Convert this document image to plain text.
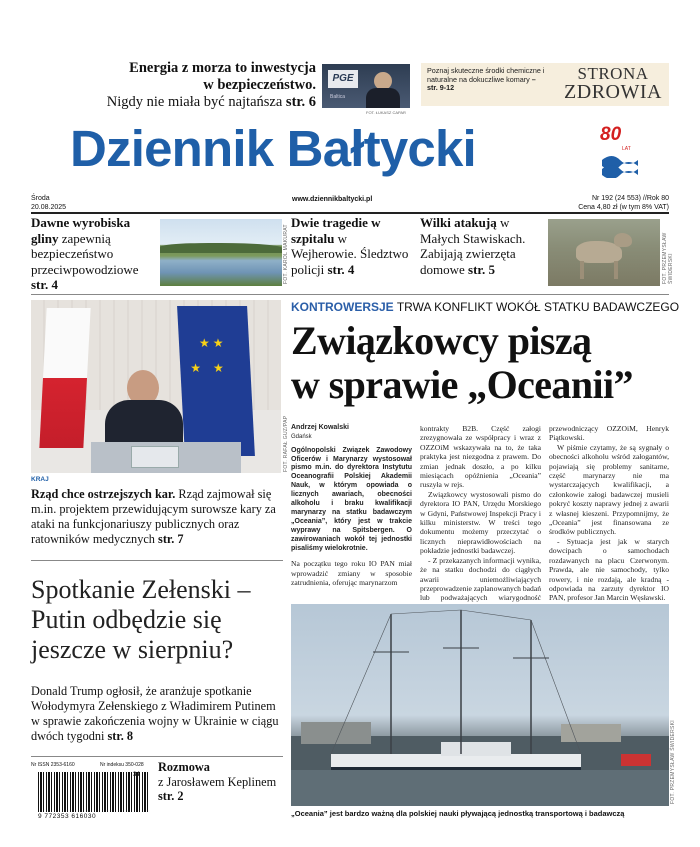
Energia z morza to inwestycja
w bezpieczeństwo.
Nigdy nie miała być najtańsza str. 6
PGE
Baltica
FOT. ŁUKASZ CAPAR
Poznaj skuteczne środki chemiczne i naturalne na dokuczliwe komary – str. 9-12
STRONA
ZDROWIA
Dziennik Bałtycki	80
LAT
Środa
20.08.2025
www.dziennikbaltycki.pl	Nr 192 (24 553) //Rok 80
Cena 4,80 zł (w tym 8% VAT)
Dawne wyrobiska gliny zapewnią bezpieczeństwo przeciwpowodziowe str. 4
FOT. KAROL MAKURAT
Dwie tragedie w szpitalu w Wejherowie. Śledztwo policji str. 4
Wilki atakują w Małych Stawiskach. Zabijają zwierzęta domowe str. 5	FOT. PRZEMYSŁAW ŚWIDERSKI
★ ★
★    ★
FOT. RAFAŁ GUZ/PAP
KRAJ
Rząd chce ostrzejszych kar. Rząd zajmował się m.in. projektem przewidującym surowsze kary za ataki na funkcjonariuszy publicznych oraz ratowników medycznych str. 7
Spotkanie Zełenski – Putin odbędzie się jeszcze w sierpniu?
Donald Trump ogłosił, że aranżuje spotkanie Wołodymyra Zełenskiego z Władimirem Putinem w sprawie zakończenia wojny w Ukrainie w ciągu dwóch tygodni str. 8
Nr ISSN 2353-6160	Nr indeksu 350-028
9 772353 616030
34
Rozmowa
z Jarosławem Keplinem
str. 2
KONTROWERSJE TRWA KONFLIKT WOKÓŁ STATKU BADAWCZEGO
Związkowcy piszą
w sprawie „Oceanii”

Andrzej Kowalski

Gdańsk

Ogólnopolski Związek Zawodowy Oficerów i Marynarzy wystosował pismo m.in. do dyrektora Instytutu Oceanografii Polskiej Akademii Nauk, w którym opowiada o licznych awariach, obecności alkoholu i braku kwalifikacji marynarzy na statku badawczym „Oceania”, który jest w trakcie wyprawy na Spitsbergen. O zawirowaniach wokół tej jednostki pisaliśmy wielokrotnie.

Na początku tego roku IO PAN miał wprowadzić zmiany w sposobie zatrudnienia, oferując marynarzom

kontrakty B2B. Część załogi zrezygnowała ze współpracy i wraz z OZZOiM wskazywała na to, że taka praktyka jest niezgodna z prawem. Do zmian jednak doszło, a po kilku miesiącach opóźnienia „Oceania” ruszyła w rejs.

Związkowcy wystosowali pismo do dyrektora IO PAN, Urzędu Morskiego w Gdyni, Państwowej Inspekcji Pracy i kilku ministerstw. W treści tego dokumentu możemy przeczytać o licznych nieprawidłowościach na pokładzie jednostki badawczej.

- Z przekazanych informacji wynika, że na statku dochodzi do ciągłych awarii uniemożliwiających przeprowadzenie zaplanowanych badań lub podważających wiarygodność

przewodniczący OZZOiM, Henryk Piątkowski.

W piśmie czytamy, że są sygnały o obecności alkoholu wśród załogantów, pojawiają się problemy sanitarne, część marynarzy nie ma wystarczających kwalifikacji, a członkowie załogi badawczej musieli pokryć koszty naprawy jednej z awarii z własnej kieszeni. Przypomnijmy, że „Oceania” jest finansowana ze środków publicznych.

- Sytuacja jest jak w starych dowcipach o samochodach rozdawanych na placu Czerwonym. Prawda, ale nie samochody, tylko rowery, i nie rozdają, ale kradną - odpowiada na zarzuty dyrektor IO PAN, profesor Jan Marcin Węsławski.

FOT. PRZEMYSŁAW ŚWIDERSKI
„Oceania” jest bardzo ważną dla polskiej nauki pływającą jednostką transportową i badawczą
